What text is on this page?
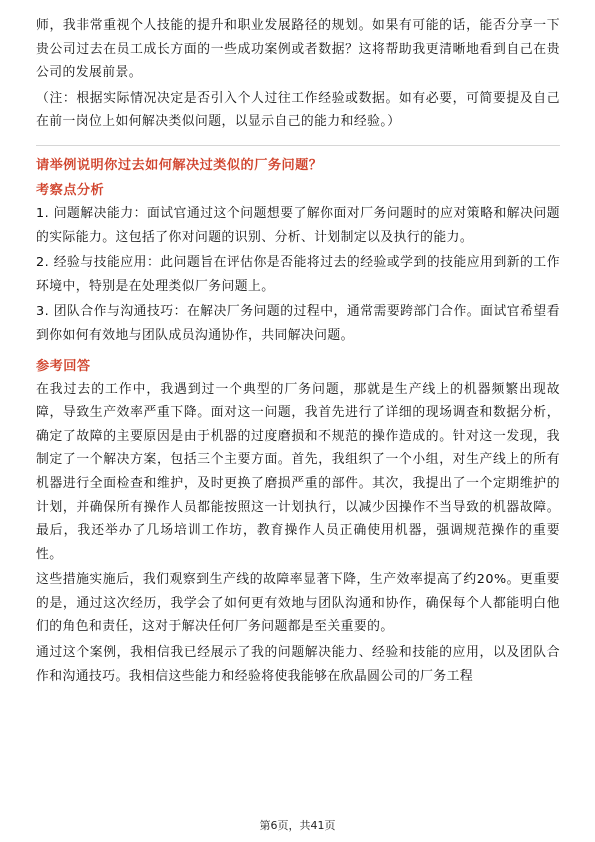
师，我非常重视个人技能的提升和职业发展路径的规划。如果有可能的话，能否分享一下贵公司过去在员工成长方面的一些成功案例或者数据？这将帮助我更清晰地看到自己在贵公司的发展前景。

（注：根据实际情况决定是否引入个人过往工作经验或数据。如有必要，可简要提及自己在前一岗位上如何解决类似问题，以显示自己的能力和经验。）

请举例说明你过去如何解决过类似的厂务问题？
考察点分析

1. 问题解决能力：面试官通过这个问题想要了解你面对厂务问题时的应对策略和解决问题的实际能力。这包括了你对问题的识别、分析、计划制定以及执行的能力。

2. 经验与技能应用：此问题旨在评估你是否能将过去的经验或学到的技能应用到新的工作环境中，特别是在处理类似厂务问题上。

3. 团队合作与沟通技巧：在解决厂务问题的过程中，通常需要跨部门合作。面试官希望看到你如何有效地与团队成员沟通协作，共同解决问题。

参考回答

在我过去的工作中，我遇到过一个典型的厂务问题，那就是生产线上的机器频繁出现故障，导致生产效率严重下降。面对这一问题，我首先进行了详细的现场调查和数据分析，确定了故障的主要原因是由于机器的过度磨损和不规范的操作造成的。针对这一发现，我制定了一个解决方案，包括三个主要方面。首先，我组织了一个小组，对生产线上的所有机器进行全面检查和维护，及时更换了磨损严重的部件。其次，我提出了一个定期维护的计划，并确保所有操作人员都能按照这一计划执行，以减少因操作不当导致的机器故障。最后，我还举办了几场培训工作坊，教育操作人员正确使用机器，强调规范操作的重要性。

这些措施实施后，我们观察到生产线的故障率显著下降，生产效率提高了约20%。更重要的是，通过这次经历，我学会了如何更有效地与团队沟通和协作，确保每个人都能明白他们的角色和责任，这对于解决任何厂务问题都是至关重要的。

通过这个案例，我相信我已经展示了我的问题解决能力、经验和技能的应用，以及团队合作和沟通技巧。我相信这些能力和经验将使我能够在欣晶圆公司的厂务工程

第6页，共41页
